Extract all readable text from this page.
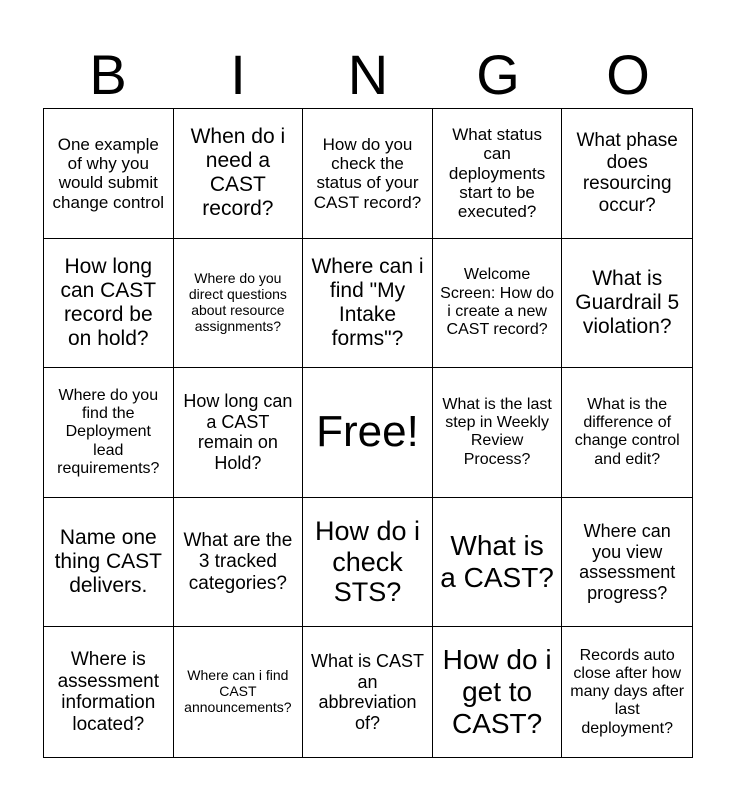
B	I	N	G	O
One example of why you would submit change control
When do i need a CAST record?
How do you check the status of your CAST record?
What status can deployments start to be executed?
What phase does resourcing occur?
How long can CAST record be on hold?
Where do you direct questions about resource assignments?
Where can i find "My Intake forms"?
Welcome Screen: How do i create a new CAST record?
What is Guardrail 5 violation?
Where do you find the Deployment lead requirements?
How long can a CAST remain on Hold?
Free!
What is the last step in Weekly Review Process?
What is the difference of change control and edit?
Name one thing CAST delivers.
What are the 3 tracked categories?
How do i check STS?
What is a CAST?
Where can you view assessment progress?
Where is assessment information located?
Where can i find CAST announcements?
What is CAST an abbreviation of?
How do i get to CAST?
Records auto close after how many days after last deployment?
